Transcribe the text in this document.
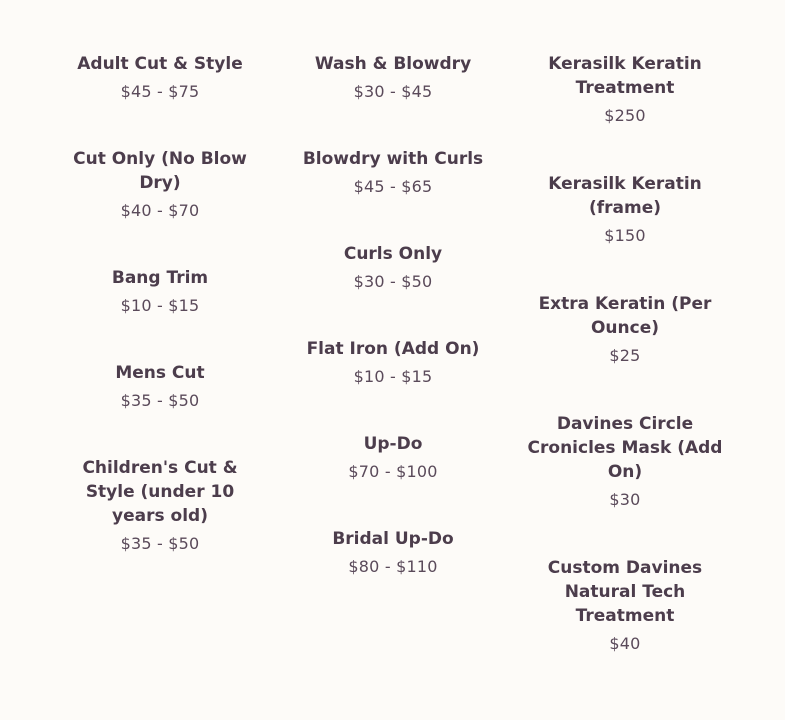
Adult Cut & Style
$45 - $75
Cut Only (No Blow Dry)
$40 - $70
Bang Trim
$10 - $15
Mens Cut
$35 - $50
Children's Cut & Style (under 10 years old)
$35 - $50
Wash & Blowdry
$30 - $45
Blowdry with Curls
$45 - $65
Curls Only
$30 - $50
Flat Iron (Add On)
$10 - $15
Up-Do
$70 - $100
Bridal Up-Do
$80 - $110
Kerasilk Keratin Treatment
$250
Kerasilk Keratin (frame)
$150
Extra Keratin (Per Ounce)
$25
Davines Circle Cronicles Mask (Add On)
$30
Custom Davines Natural Tech Treatment
$40
